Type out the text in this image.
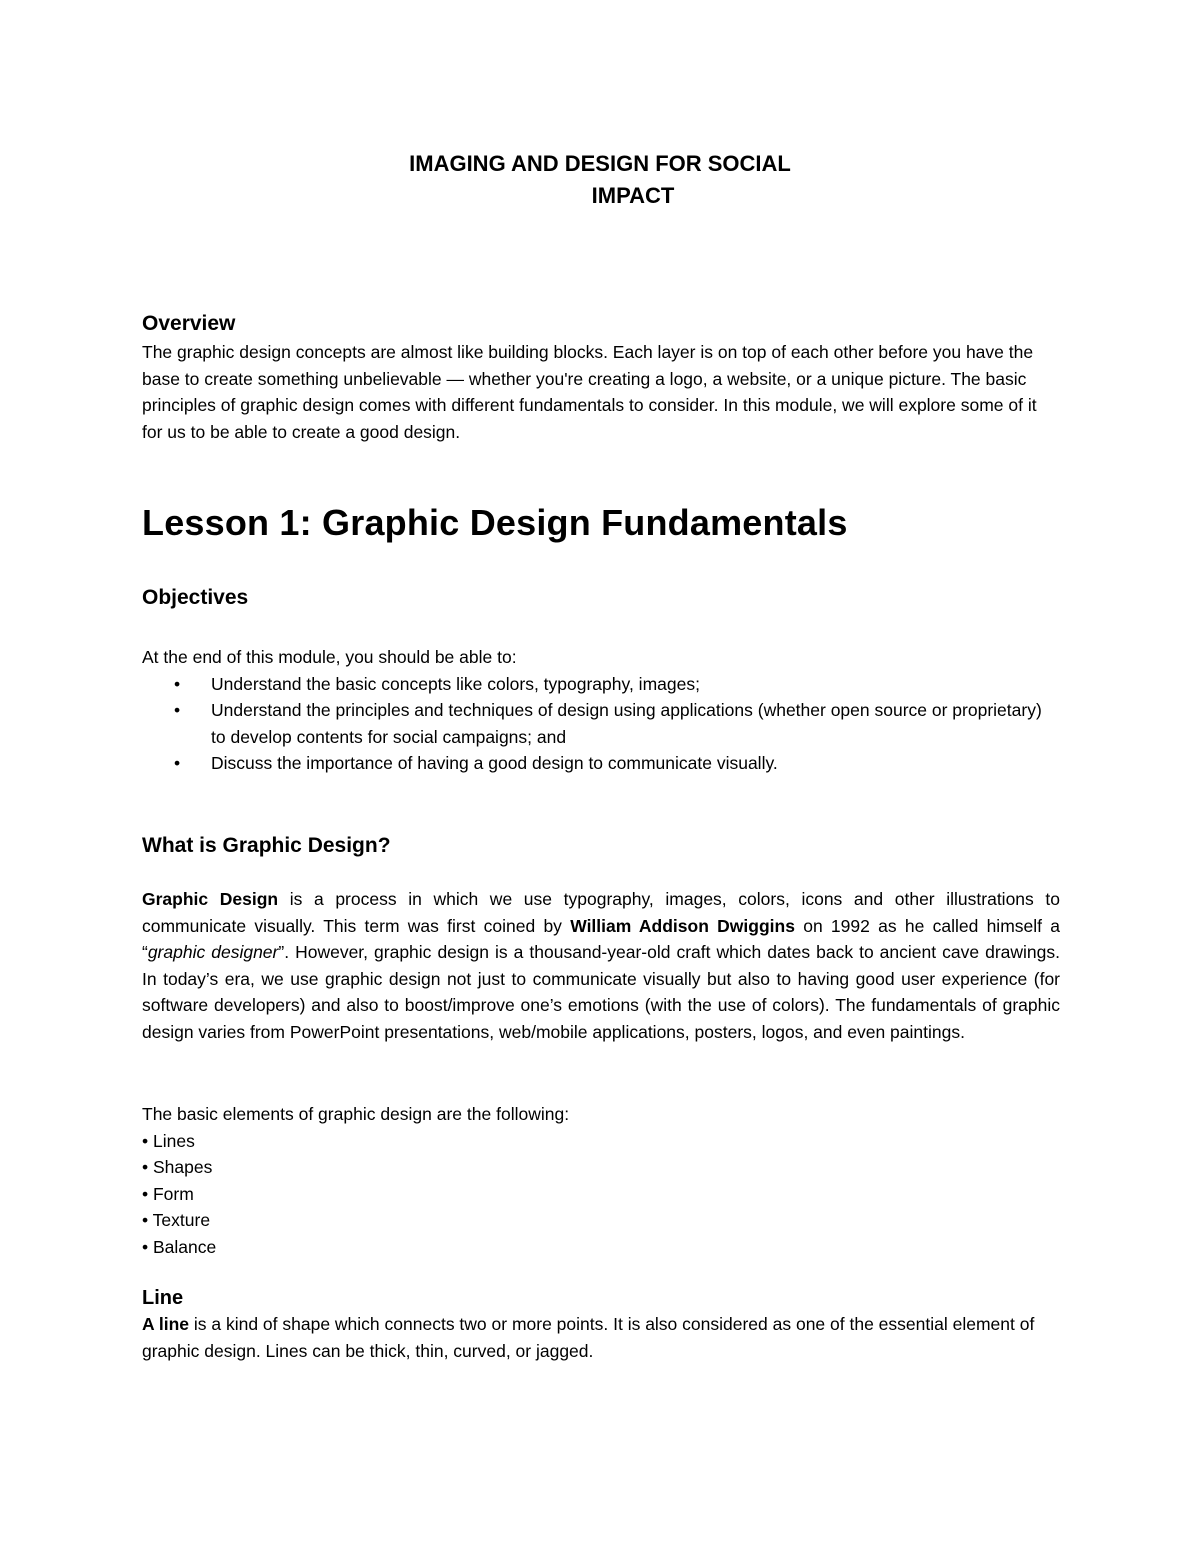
IMAGING AND DESIGN FOR SOCIAL
IMPACT

Overview

The graphic design concepts are almost like building blocks. Each layer is on top of each other before you have the base to create something unbelievable — whether you're creating a logo, a website, or a unique picture. The basic principles of graphic design comes with different fundamentals to consider. In this module, we will explore some of it for us to be able to create a good design.

Lesson 1: Graphic Design Fundamentals

Objectives

At the end of this module, you should be able to:

• Understand the basic concepts like colors, typography, images;
• Understand the principles and techniques of design using applications (whether open source or proprietary) to develop contents for social campaigns; and
• Discuss the importance of having a good design to communicate visually.

What is Graphic Design?

Graphic Design is a process in which we use typography, images, colors, icons and other illustrations to communicate visually. This term was first coined by William Addison Dwiggins on 1992 as he called himself a “graphic designer”. However, graphic design is a thousand-year-old craft which dates back to ancient cave drawings. In today’s era, we use graphic design not just to communicate visually but also to having good user experience (for software developers) and also to boost/improve one’s emotions (with the use of colors). The fundamentals of graphic design varies from PowerPoint presentations, web/mobile applications, posters, logos, and even paintings.

The basic elements of graphic design are the following:

• Lines
• Shapes
• Form
• Texture
• Balance

Line

A line is a kind of shape which connects two or more points. It is also considered as one of the essential element of graphic design. Lines can be thick, thin, curved, or jagged.
